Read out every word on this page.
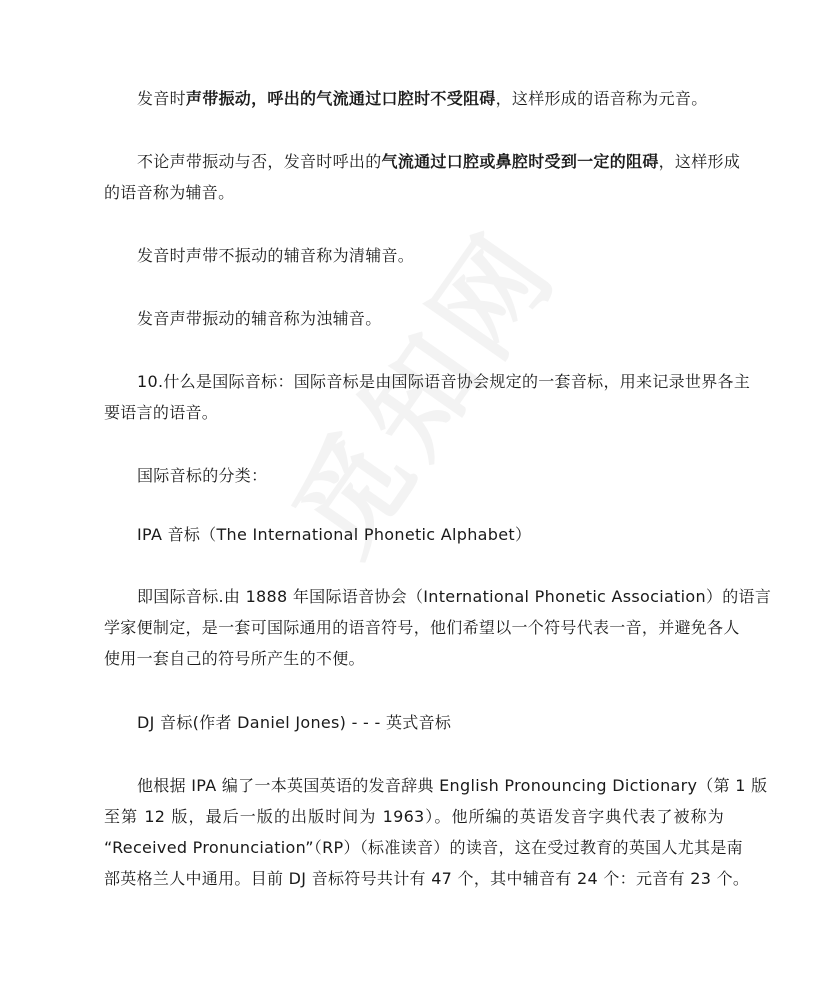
发音时声带振动，呼出的气流通过口腔时不受阻碍，这样形成的语音称为元音。
不论声带振动与否，发音时呼出的气流通过口腔或鼻腔时受到一定的阻碍，这样形成
的语音称为辅音。
发音时声带不振动的辅音称为清辅音。
发音声带振动的辅音称为浊辅音。
10.什么是国际音标：国际音标是由国际语音协会规定的一套音标，用来记录世界各主
要语言的语音。
国际音标的分类：
IPA 音标（The International Phonetic Alphabet）
即国际音标.由 1888 年国际语音协会（International Phonetic Association）的语言
学家便制定，是一套可国际通用的语音符号，他们希望以一个符号代表一音，并避免各人
使用一套自己的符号所产生的不便。
DJ 音标(作者 Daniel Jones) - - - 英式音标
他根据 IPA 编了一本英国英语的发音辞典 English Pronouncing Dictionary（第 1 版
至第 12 版，最后一版的出版时间为 1963）。他所编的英语发音字典代表了被称为
“Received Pronunciation”（RP）（标准读音）的读音，这在受过教育的英国人尤其是南
部英格兰人中通用。目前 DJ 音标符号共计有 47 个，其中辅音有 24 个：元音有 23 个。
